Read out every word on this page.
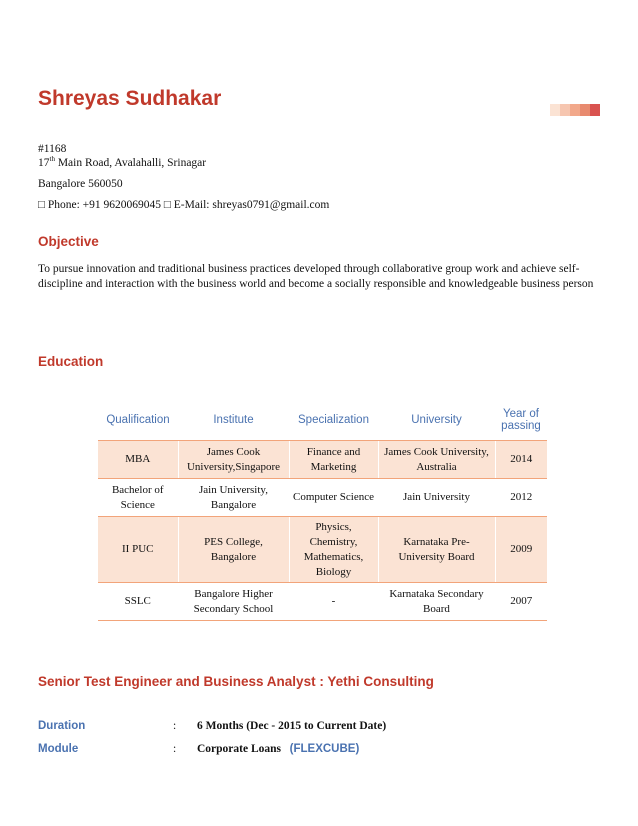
Shreyas Sudhakar
#1168
17th Main Road, Avalahalli, Srinagar
Bangalore 560050
□ Phone: +91 9620069045 □ E-Mail: shreyas0791@gmail.com
Objective
To pursue innovation and traditional business practices developed through collaborative group work and achieve self-discipline and interaction with the business world and become a socially responsible and knowledgeable business person
Education
Qualification	Institute	Specialization	University	Year of passing
MBA	James Cook University,Singapore	Finance and Marketing	James Cook University, Australia	2014
Bachelor of Science	Jain University, Bangalore	Computer Science	Jain University	2012
II PUC	PES College, Bangalore	Physics, Chemistry, Mathematics, Biology	Karnataka Pre-University Board	2009
SSLC	Bangalore Higher Secondary School	-	Karnataka Secondary Board	2007
Senior Test Engineer and Business Analyst : Yethi Consulting
Duration	: 6 Months (Dec - 2015 to Current Date)
Module	: Corporate Loans (FLEXCUBE)
